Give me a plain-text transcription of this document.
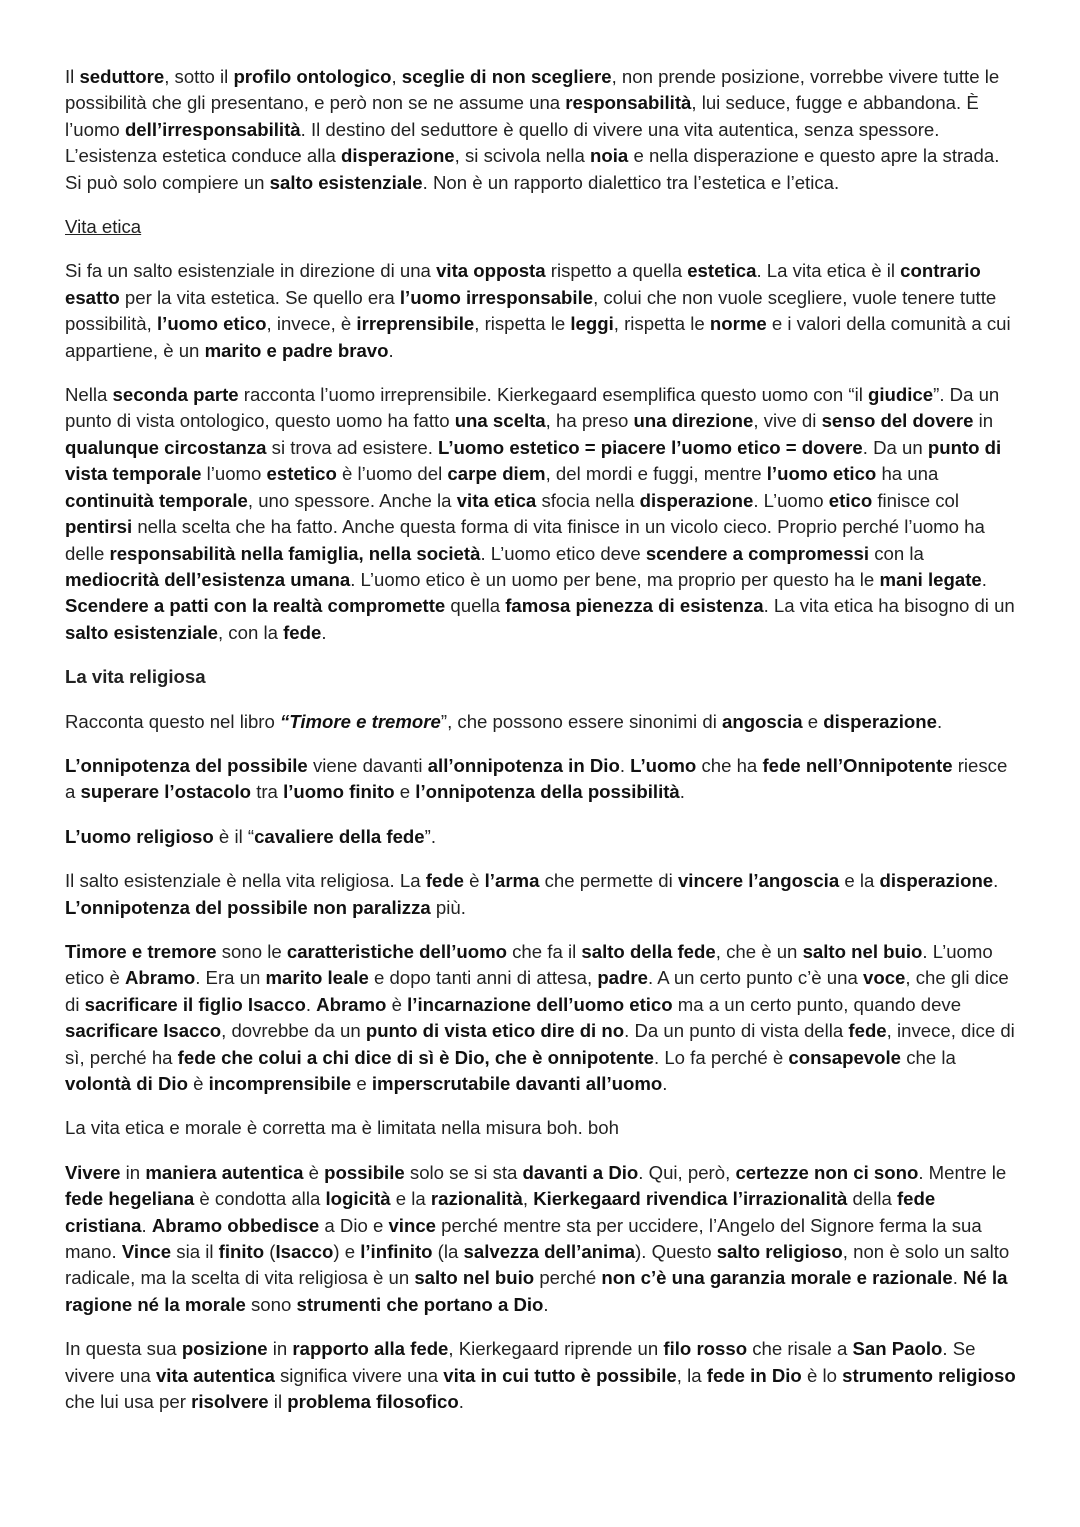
Il seduttore, sotto il profilo ontologico, sceglie di non scegliere, non prende posizione, vorrebbe vivere tutte le possibilità che gli presentano, e però non se ne assume una responsabilità, lui seduce, fugge e abbandona. È l’uomo dell’irresponsabilità. Il destino del seduttore è quello di vivere una vita autentica, senza spessore. L’esistenza estetica conduce alla disperazione, si scivola nella noia e nella disperazione e questo apre la strada. Si può solo compiere un salto esistenziale. Non è un rapporto dialettico tra l’estetica e l’etica.

Vita etica

Si fa un salto esistenziale in direzione di una vita opposta rispetto a quella estetica. La vita etica è il contrario esatto per la vita estetica. Se quello era l’uomo irresponsabile, colui che non vuole scegliere, vuole tenere tutte possibilità, l’uomo etico, invece, è irreprensibile, rispetta le leggi, rispetta le norme e i valori della comunità a cui appartiene, è un marito e padre bravo.

Nella seconda parte racconta l’uomo irreprensibile. Kierkegaard esemplifica questo uomo con “il giudice”. Da un punto di vista ontologico, questo uomo ha fatto una scelta, ha preso una direzione, vive di senso del dovere in qualunque circostanza si trova ad esistere. L’uomo estetico = piacere l’uomo etico = dovere. Da un punto di vista temporale l’uomo estetico è l’uomo del carpe diem, del mordi e fuggi, mentre l’uomo etico ha una continuità temporale, uno spessore. Anche la vita etica sfocia nella disperazione. L’uomo etico finisce col pentirsi nella scelta che ha fatto. Anche questa forma di vita finisce in un vicolo cieco. Proprio perché l’uomo ha delle responsabilità nella famiglia, nella società. L’uomo etico deve scendere a compromessi con la mediocrità dell’esistenza umana. L’uomo etico è un uomo per bene, ma proprio per questo ha le mani legate. Scendere a patti con la realtà compromette quella famosa pienezza di esistenza. La vita etica ha bisogno di un salto esistenziale, con la fede.

La vita religiosa

Racconta questo nel libro “Timore e tremore”, che possono essere sinonimi di angoscia e disperazione.

L’onnipotenza del possibile viene davanti all’onnipotenza in Dio. L’uomo che ha fede nell’Onnipotente riesce a superare l’ostacolo tra l’uomo finito e l’onnipotenza della possibilità.

L’uomo religioso è il “cavaliere della fede”.

Il salto esistenziale è nella vita religiosa. La fede è l’arma che permette di vincere l’angoscia e la disperazione. L’onnipotenza del possibile non paralizza più.

Timore e tremore sono le caratteristiche dell’uomo che fa il salto della fede, che è un salto nel buio. L’uomo etico è Abramo. Era un marito leale e dopo tanti anni di attesa, padre. A un certo punto c’è una voce, che gli dice di sacrificare il figlio Isacco. Abramo è l’incarnazione dell’uomo etico ma a un certo punto, quando deve sacrificare Isacco, dovrebbe da un punto di vista etico dire di no. Da un punto di vista della fede, invece, dice di sì, perché ha fede che colui a chi dice di sì è Dio, che è onnipotente. Lo fa perché è consapevole che la volontà di Dio è incomprensibile e imperscrutabile davanti all’uomo.

La vita etica e morale è corretta ma è limitata nella misura boh. boh

Vivere in maniera autentica è possibile solo se si sta davanti a Dio. Qui, però, certezze non ci sono. Mentre le fede hegeliana è condotta alla logicità e la razionalità, Kierkegaard rivendica l’irrazionalità della fede cristiana. Abramo obbedisce a Dio e vince perché mentre sta per uccidere, l’Angelo del Signore ferma la sua mano. Vince sia il finito (Isacco) e l’infinito (la salvezza dell’anima). Questo salto religioso, non è solo un salto radicale, ma la scelta di vita religiosa è un salto nel buio perché non c’è una garanzia morale e razionale. Né la ragione né la morale sono strumenti che portano a Dio.

In questa sua posizione in rapporto alla fede, Kierkegaard riprende un filo rosso che risale a San Paolo. Se vivere una vita autentica significa vivere una vita in cui tutto è possibile, la fede in Dio è lo strumento religioso che lui usa per risolvere il problema filosofico.
